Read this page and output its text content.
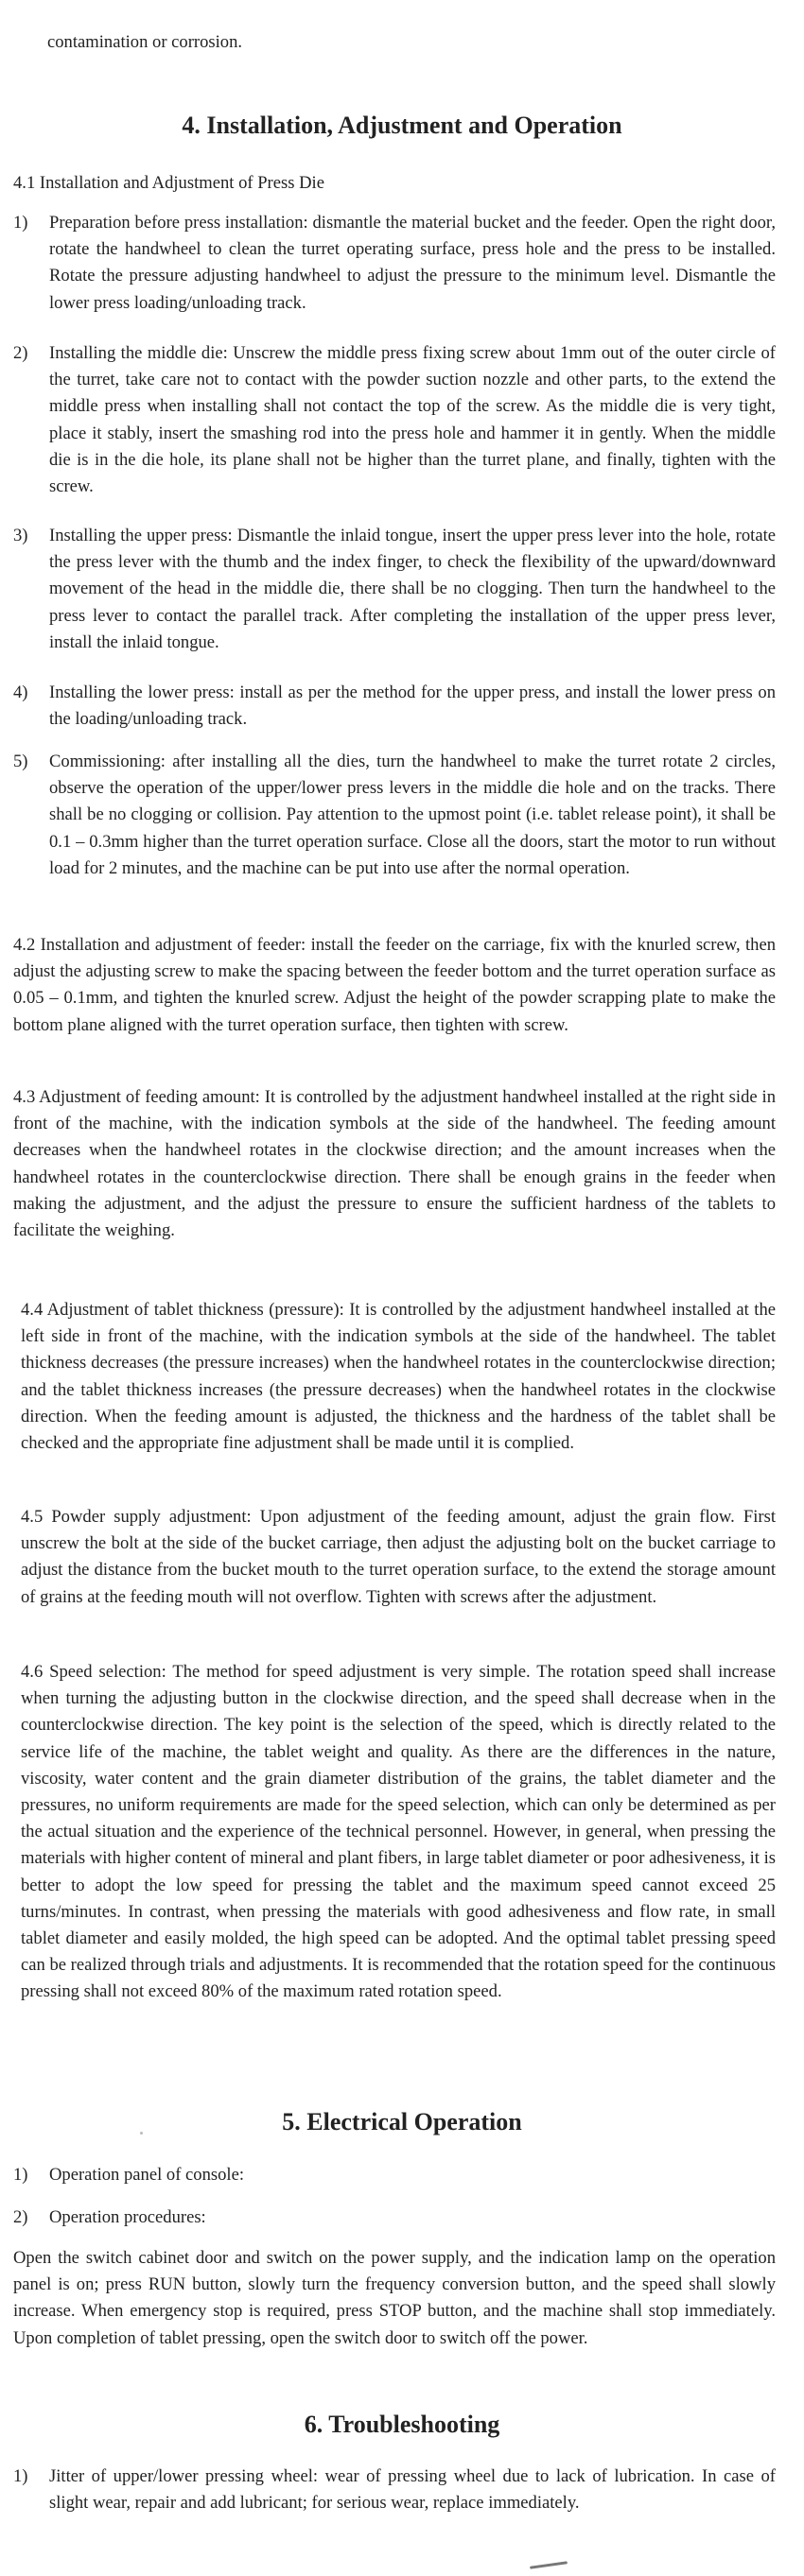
contamination or corrosion.

4. Installation, Adjustment and Operation

4.1 Installation and Adjustment of Press Die

1)	Preparation before press installation: dismantle the material bucket and the feeder. Open the right door, rotate the handwheel to clean the turret operating surface, press hole and the press to be installed. Rotate the pressure adjusting handwheel to adjust the pressure to the minimum level. Dismantle the lower press loading/unloading track.

2)	Installing the middle die: Unscrew the middle press fixing screw about 1mm out of the outer circle of the turret, take care not to contact with the powder suction nozzle and other parts, to the extend the middle press when installing shall not contact the top of the screw. As the middle die is very tight, place it stably, insert the smashing rod into the press hole and hammer it in gently. When the middle die is in the die hole, its plane shall not be higher than the turret plane, and finally, tighten with the screw.

3)	Installing the upper press: Dismantle the inlaid tongue, insert the upper press lever into the hole, rotate the press lever with the thumb and the index finger, to check the flexibility of the upward/downward movement of the head in the middle die, there shall be no clogging. Then turn the handwheel to the press lever to contact the parallel track. After completing the installation of the upper press lever, install the inlaid tongue.

4)	Installing the lower press: install as per the method for the upper press, and install the lower press on the loading/unloading track.

5)	Commissioning: after installing all the dies, turn the handwheel to make the turret rotate 2 circles, observe the operation of the upper/lower press levers in the middle die hole and on the tracks. There shall be no clogging or collision. Pay attention to the upmost point (i.e. tablet release point), it shall be 0.1 – 0.3mm higher than the turret operation surface. Close all the doors, start the motor to run without load for 2 minutes, and the machine can be put into use after the normal operation.

4.2 Installation and adjustment of feeder: install the feeder on the carriage, fix with the knurled screw, then adjust the adjusting screw to make the spacing between the feeder bottom and the turret operation surface as 0.05 – 0.1mm, and tighten the knurled screw. Adjust the height of the powder scrapping plate to make the bottom plane aligned with the turret operation surface, then tighten with screw.

4.3 Adjustment of feeding amount: It is controlled by the adjustment handwheel installed at the right side in front of the machine, with the indication symbols at the side of the handwheel. The feeding amount decreases when the handwheel rotates in the clockwise direction; and the amount increases when the handwheel rotates in the counterclockwise direction. There shall be enough grains in the feeder when making the adjustment, and the adjust the pressure to ensure the sufficient hardness of the tablets to facilitate the weighing.

4.4 Adjustment of tablet thickness (pressure): It is controlled by the adjustment handwheel installed at the left side in front of the machine, with the indication symbols at the side of the handwheel. The tablet thickness decreases (the pressure increases) when the handwheel rotates in the counterclockwise direction; and the tablet thickness increases (the pressure decreases) when the handwheel rotates in the clockwise direction. When the feeding amount is adjusted, the thickness and the hardness of the tablet shall be checked and the appropriate fine adjustment shall be made until it is complied.

4.5 Powder supply adjustment: Upon adjustment of the feeding amount, adjust the grain flow. First unscrew the bolt at the side of the bucket carriage, then adjust the adjusting bolt on the bucket carriage to adjust the distance from the bucket mouth to the turret operation surface, to the extend the storage amount of grains at the feeding mouth will not overflow. Tighten with screws after the adjustment.

4.6 Speed selection: The method for speed adjustment is very simple. The rotation speed shall increase when turning the adjusting button in the clockwise direction, and the speed shall decrease when in the counterclockwise direction. The key point is the selection of the speed, which is directly related to the service life of the machine, the tablet weight and quality. As there are the differences in the nature, viscosity, water content and the grain diameter distribution of the grains, the tablet diameter and the pressures, no uniform requirements are made for the speed selection, which can only be determined as per the actual situation and the experience of the technical personnel. However, in general, when pressing the materials with higher content of mineral and plant fibers, in large tablet diameter or poor adhesiveness, it is better to adopt the low speed for pressing the tablet and the maximum speed cannot exceed 25 turns/minutes. In contrast, when pressing the materials with good adhesiveness and flow rate, in small tablet diameter and easily molded, the high speed can be adopted. And the optimal tablet pressing speed can be realized through trials and adjustments. It is recommended that the rotation speed for the continuous pressing shall not exceed 80% of the maximum rated rotation speed.

5. Electrical Operation
1)	Operation panel of console:

2)	Operation procedures:

Open the switch cabinet door and switch on the power supply, and the indication lamp on the operation panel is on; press RUN button, slowly turn the frequency conversion button, and the speed shall slowly increase. When emergency stop is required, press STOP button, and the machine shall stop immediately. Upon completion of tablet pressing, open the switch door to switch off the power.

6. Troubleshooting
1)	Jitter of upper/lower pressing wheel: wear of pressing wheel due to lack of lubrication. In case of slight wear, repair and add lubricant; for serious wear, replace immediately.
